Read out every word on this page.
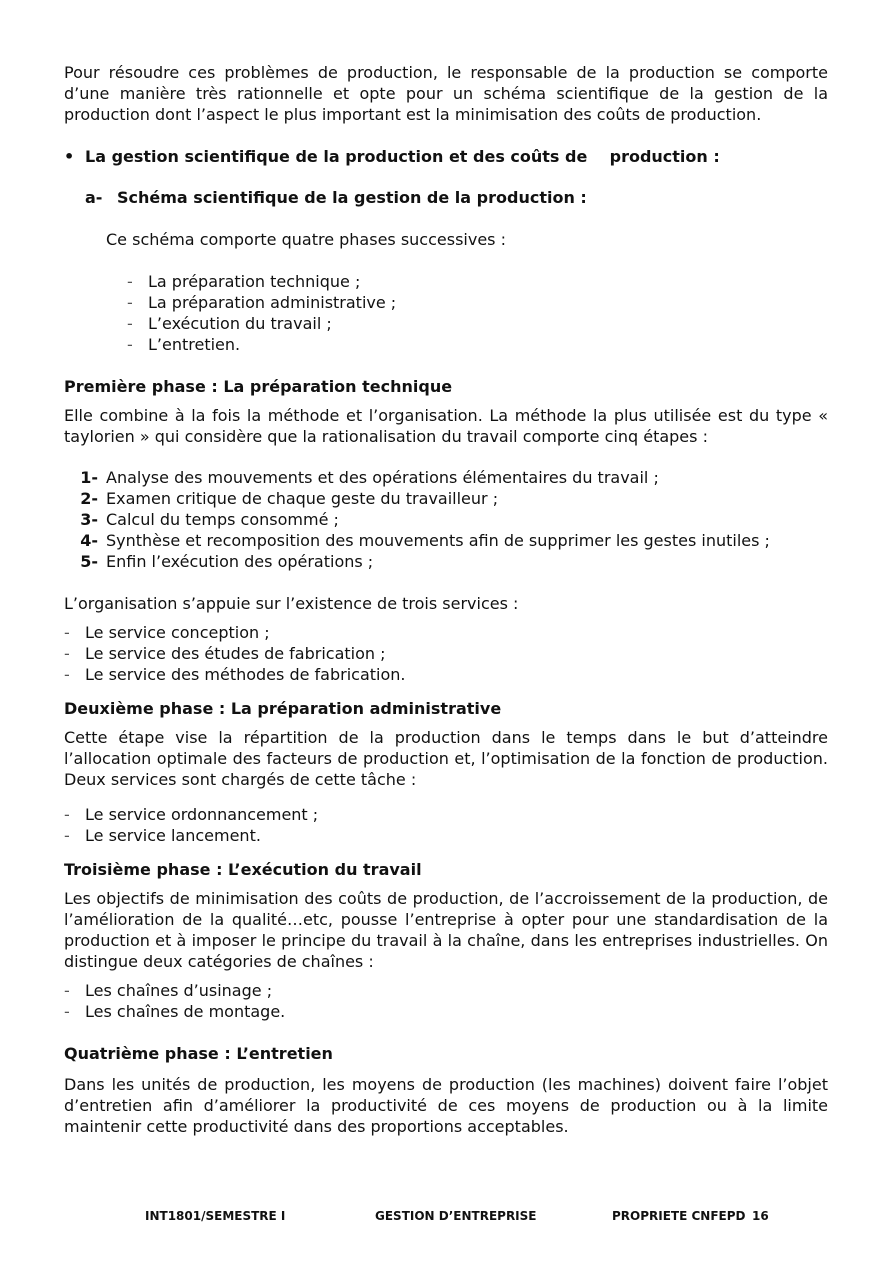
Pour résoudre ces problèmes de production, le responsable de la production se comporte d’une manière très rationnelle et opte pour un schéma scientifique de la gestion de la production dont l’aspect le plus important est la minimisation des coûts de production.

• La gestion scientifique de la production et des coûts de    production :
a- Schéma scientifique de la gestion de la production :

Ce schéma comporte quatre phases successives :

- La préparation technique ;
- La préparation administrative ;
- L’exécution du travail ;
- L’entretien.

Première phase : La préparation technique

Elle combine à la fois la méthode et l’organisation. La méthode la plus utilisée est du type « taylorien » qui considère que la rationalisation du travail comporte cinq étapes :

1- Analyse des mouvements et des opérations élémentaires du travail ;
2- Examen critique de chaque geste du travailleur ;
3- Calcul du temps consommé ;
4- Synthèse et recomposition des mouvements afin de supprimer les gestes inutiles ;
5- Enfin l’exécution des opérations ;

L’organisation s’appuie sur l’existence de trois services :

- Le service conception ;
- Le service des études de fabrication ;
- Le service des méthodes de fabrication.

Deuxième phase : La préparation administrative

Cette étape vise la répartition de la production dans le temps dans le but d’atteindre l’allocation optimale des facteurs de production et, l’optimisation de la fonction de production. Deux services sont chargés de cette tâche :

- Le service ordonnancement ;
- Le service lancement.

Troisième phase : L’exécution du travail

Les objectifs de minimisation des coûts de production, de l’accroissement de la production, de l’amélioration de la qualité…etc, pousse l’entreprise à opter pour une standardisation de la production et à imposer le principe du travail à la chaîne, dans les entreprises industrielles. On distingue deux catégories de chaînes :

- Les chaînes d’usinage ;
- Les chaînes de montage.

Quatrième phase : L’entretien

Dans les unités de production, les moyens de production (les machines) doivent faire l’objet d’entretien afin d’améliorer la productivité de ces moyens de production ou à la limite maintenir cette productivité dans des proportions acceptables.

INT1801/SEMESTRE I	GESTION D’ENTREPRISE	PROPRIETE CNFEPD 16
